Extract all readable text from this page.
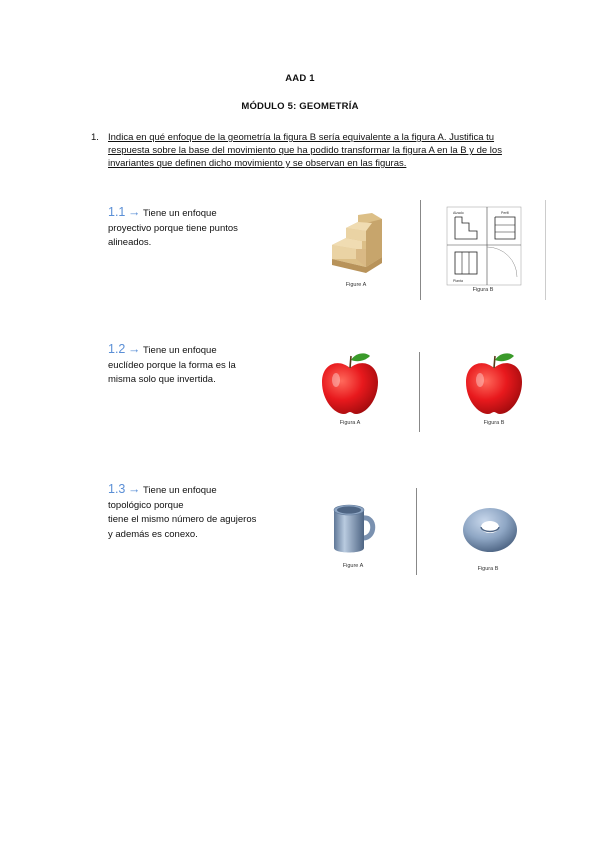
AAD 1
MÓDULO 5: GEOMETRÍA
1. Indica en qué enfoque de la geometría la figura B sería equivalente a la figura A. Justifica tu respuesta sobre la base del movimiento que ha podido transformar la figura A en la B y de los invariantes que definen dicho movimiento y se observan en las figuras.

1.1 → Tiene un enfoque
proyectivo porque tiene puntos
alineados.
Figure A
Alzado	Perfil
Planta
Figura B
1.2 → Tiene un enfoque
euclídeo porque la forma es la
misma solo que invertida.
Figura A	Figura B
1.3 → Tiene un enfoque
topológico porque
tiene el mismo número de agujeros
y además es conexo.
Figure A	Figura B
